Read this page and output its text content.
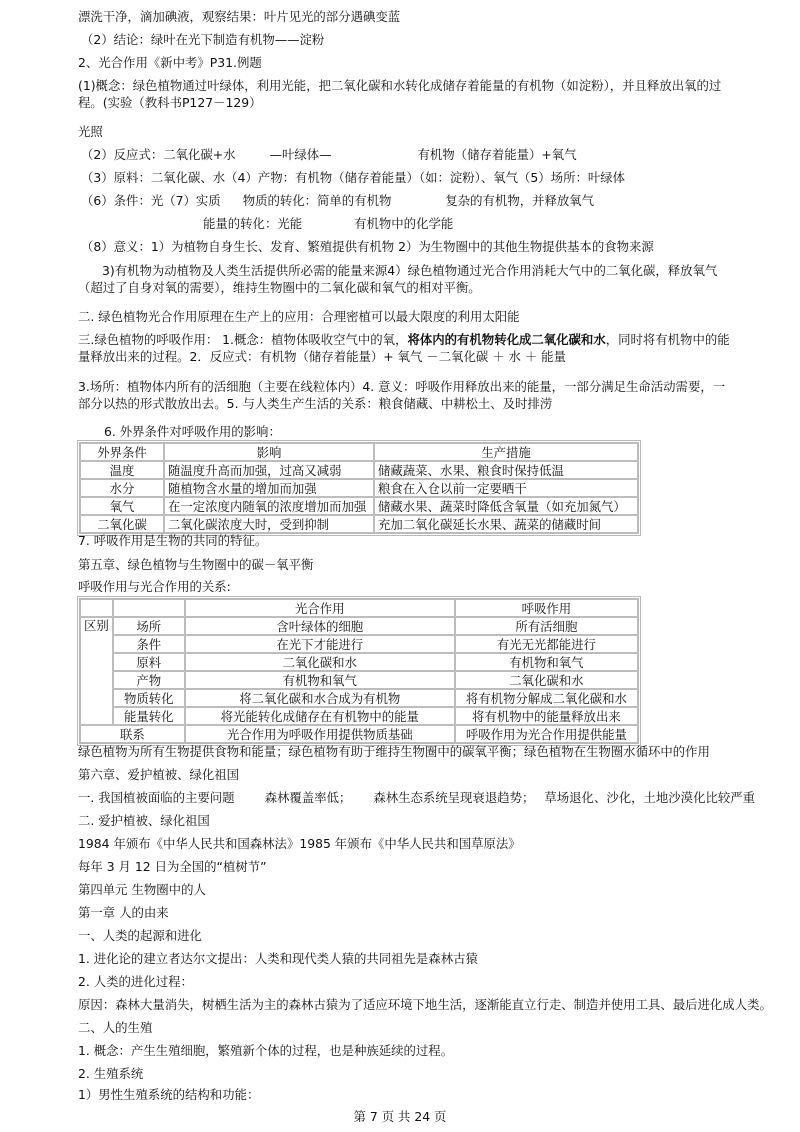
漂洗干净，滴加碘液，观察结果：叶片见光的部分遇碘变蓝
（2）结论：绿叶在光下制造有机物——淀粉
2、光合作用《新中考》P31.例题
(1)概念：绿色植物通过叶绿体，利用光能，把二氧化碳和水转化成储存着能量的有机物（如淀粉），并且释放出氧的过程。(实验（教科书P127－129）
光照
（2）反应式：二氧化碳+水	—叶绿体—	有机物（储存着能量）+氧气
（3）原料：二氧化碳、水（4）产物：有机物（储存着能量）（如：淀粉）、氧气（5）场所：叶绿体
（6）条件：光（7）实质 物质的转化：简单的有机物	复杂的有机物，并释放氧气
能量的转化：光能	有机物中的化学能
（8）意义：1）为植物自身生长、发育、繁殖提供有机物 2）为生物圈中的其他生物提供基本的食物来源
3)有机物为动植物及人类生活提供所必需的能量来源4）绿色植物通过光合作用消耗大气中的二氧化碳，释放氧气（超过了自身对氧的需要），维持生物圈中的二氧化碳和氧气的相对平衡。
二. 绿色植物光合作用原理在生产上的应用：合理密植可以最大限度的利用太阳能
三.绿色植物的呼吸作用： 1.概念：植物体吸收空气中的氧，将体内的有机物转化成二氧化碳和水，同时将有机物中的能量释放出来的过程。2．反应式：有机物（储存着能量）+ 氧气 －二氧化碳 ＋ 水 ＋ 能量
3.场所：植物体内所有的活细胞（主要在线粒体内）4. 意义：呼吸作用释放出来的能量，一部分满足生命活动需要，一部分以热的形式散放出去。5. 与人类生产生活的关系：粮食储藏、中耕松土、及时排涝
6. 外界条件对呼吸作用的影响：
外界条件	影响	生产措施
温度	随温度升高而加强，过高又减弱	储藏蔬菜、水果、粮食时保持低温
水分	随植物含水量的增加而加强	粮食在入仓以前一定要晒干
氧气	在一定浓度内随氧的浓度增加而加强	储藏水果、蔬菜时降低含氧量（如充加氮气）
二氧化碳	二氧化碳浓度大时，受到抑制	充加二氧化碳延长水果、蔬菜的储藏时间
7. 呼吸作用是生物的共同的特征。
第五章、绿色植物与生物圈中的碳－氧平衡
呼吸作用与光合作用的关系:
		光合作用	呼吸作用
区别	场所	含叶绿体的细胞	所有活细胞
	条件	在光下才能进行	有光无光都能进行
	原料	二氧化碳和水	有机物和氧气
	产物	有机物和氧气	二氧化碳和水
	物质转化	将二氧化碳和水合成为有机物	将有机物分解成二氧化碳和水
	能量转化	将光能转化成储存在有机物中的能量	将有机物中的能量释放出来
联系		光合作用为呼吸作用提供物质基础	呼吸作用为光合作用提供能量
绿色植物为所有生物提供食物和能量；绿色植物有助于维持生物圈中的碳氧平衡；绿色植物在生物圈水循环中的作用
第六章、爱护植被、绿化祖国
一. 我国植被面临的主要问题 森林覆盖率低； 森林生态系统呈现衰退趋势； 草场退化、沙化，土地沙漠化比较严重
二. 爱护植被、绿化祖国
1984 年颁布《中华人民共和国森林法》1985 年颁布《中华人民共和国草原法》
每年 3 月 12 日为全国的“植树节”
第四单元 生物圈中的人
第一章 人的由来
一、人类的起源和进化
1. 进化论的建立者达尔文提出：人类和现代类人猿的共同祖先是森林古猿
2. 人类的进化过程：
原因：森林大量消失，树栖生活为主的森林古猿为了适应环境下地生活，逐渐能直立行走、制造并使用工具、最后进化成人类。
二、人的生殖
1. 概念：产生生殖细胞，繁殖新个体的过程，也是种族延续的过程。
2. 生殖系统
1）男性生殖系统的结构和功能：
第 7 页 共 24 页
